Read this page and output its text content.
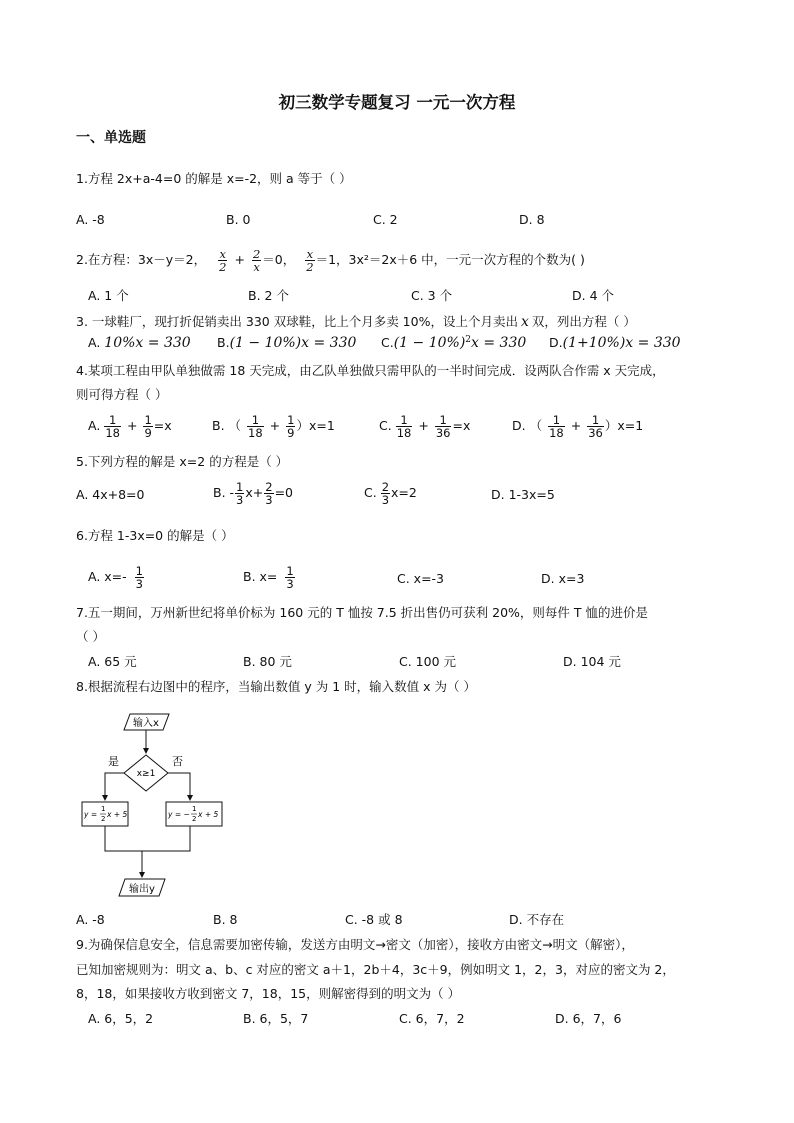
初三数学专题复习 一元一次方程
一、单选题
1.方程 2x+a-4=0 的解是 x=-2，则 a 等于（ ）
A. -8	B. 0	C. 2	D. 8
2.在方程：3x－y＝2， $\frac{x}{2} + \frac{2}{x} =0$， $\frac{x}{2} =1$，3x²＝2x＋6 中，一元一次方程的个数为( )
A. 1 个	B. 2 个	C. 3 个	D. 4 个
3. 一球鞋厂，现打折促销卖出 330 双球鞋，比上个月多卖 10%，设上个月卖出 x 双，列出方程（ ）
A. 10%x = 330 B.(1 − 10%)x = 330 $C.(1 - 10\%)^2x = 330$ D.(1+10%)x = 330
4.某项工程由甲队单独做需 18 天完成，由乙队单独做只需甲队的一半时间完成．设两队合作需 x 天完成，
则可得方程（ ）
A. $\frac{1}{18} + \frac{1}{9} =x$	B. （ $\frac{1}{18} + \frac{1}{9} )x=1$	C. $\frac{1}{18} + \frac{1}{36} =x$	D. （ $\frac{1}{18} + \frac{1}{36} )x=1$
5.下列方程的解是 x=2 的方程是（ ）
A. 4x+8=0	B. - $\frac{1}{3} x+ \frac{2}{3} =0$	C. $\frac{2}{3} x=2$	D. 1-3x=5
6.方程 1-3x=0 的解是（ ）
A. $x=- \frac{1}{3}$	B. $x= \frac{1}{3}$	C. x=-3	D. x=3
7.五一期间，万州新世纪将单价标为 160 元的 T 恤按 7.5 折出售仍可获利 20%，则每件 T 恤的进价是
（ ）
A. 65 元	B. 80 元	C. 100 元	D. 104 元
8.根据流程右边图中的程序，当输出数值 y 为 1 时，输入数值 x 为（ ）
输入x
x≥1
是	否
y =
1
2 x + 5	y = −
1
2 x + 5
输出y
A. -8	B. 8	C. -8 或 8	D. 不存在
9.为确保信息安全，信息需要加密传输，发送方由明文→密文（加密），接收方由密文→明文（解密），
已知加密规则为：明文 a、b、c 对应的密文 a＋1，2b＋4，3c＋9，例如明文 1，2，3，对应的密文为 2，
8，18，如果接收方收到密文 7，18，15，则解密得到的明文为（ ）
A. 6，5，2	B. 6，5，7	C. 6，7，2	D. 6，7，6
